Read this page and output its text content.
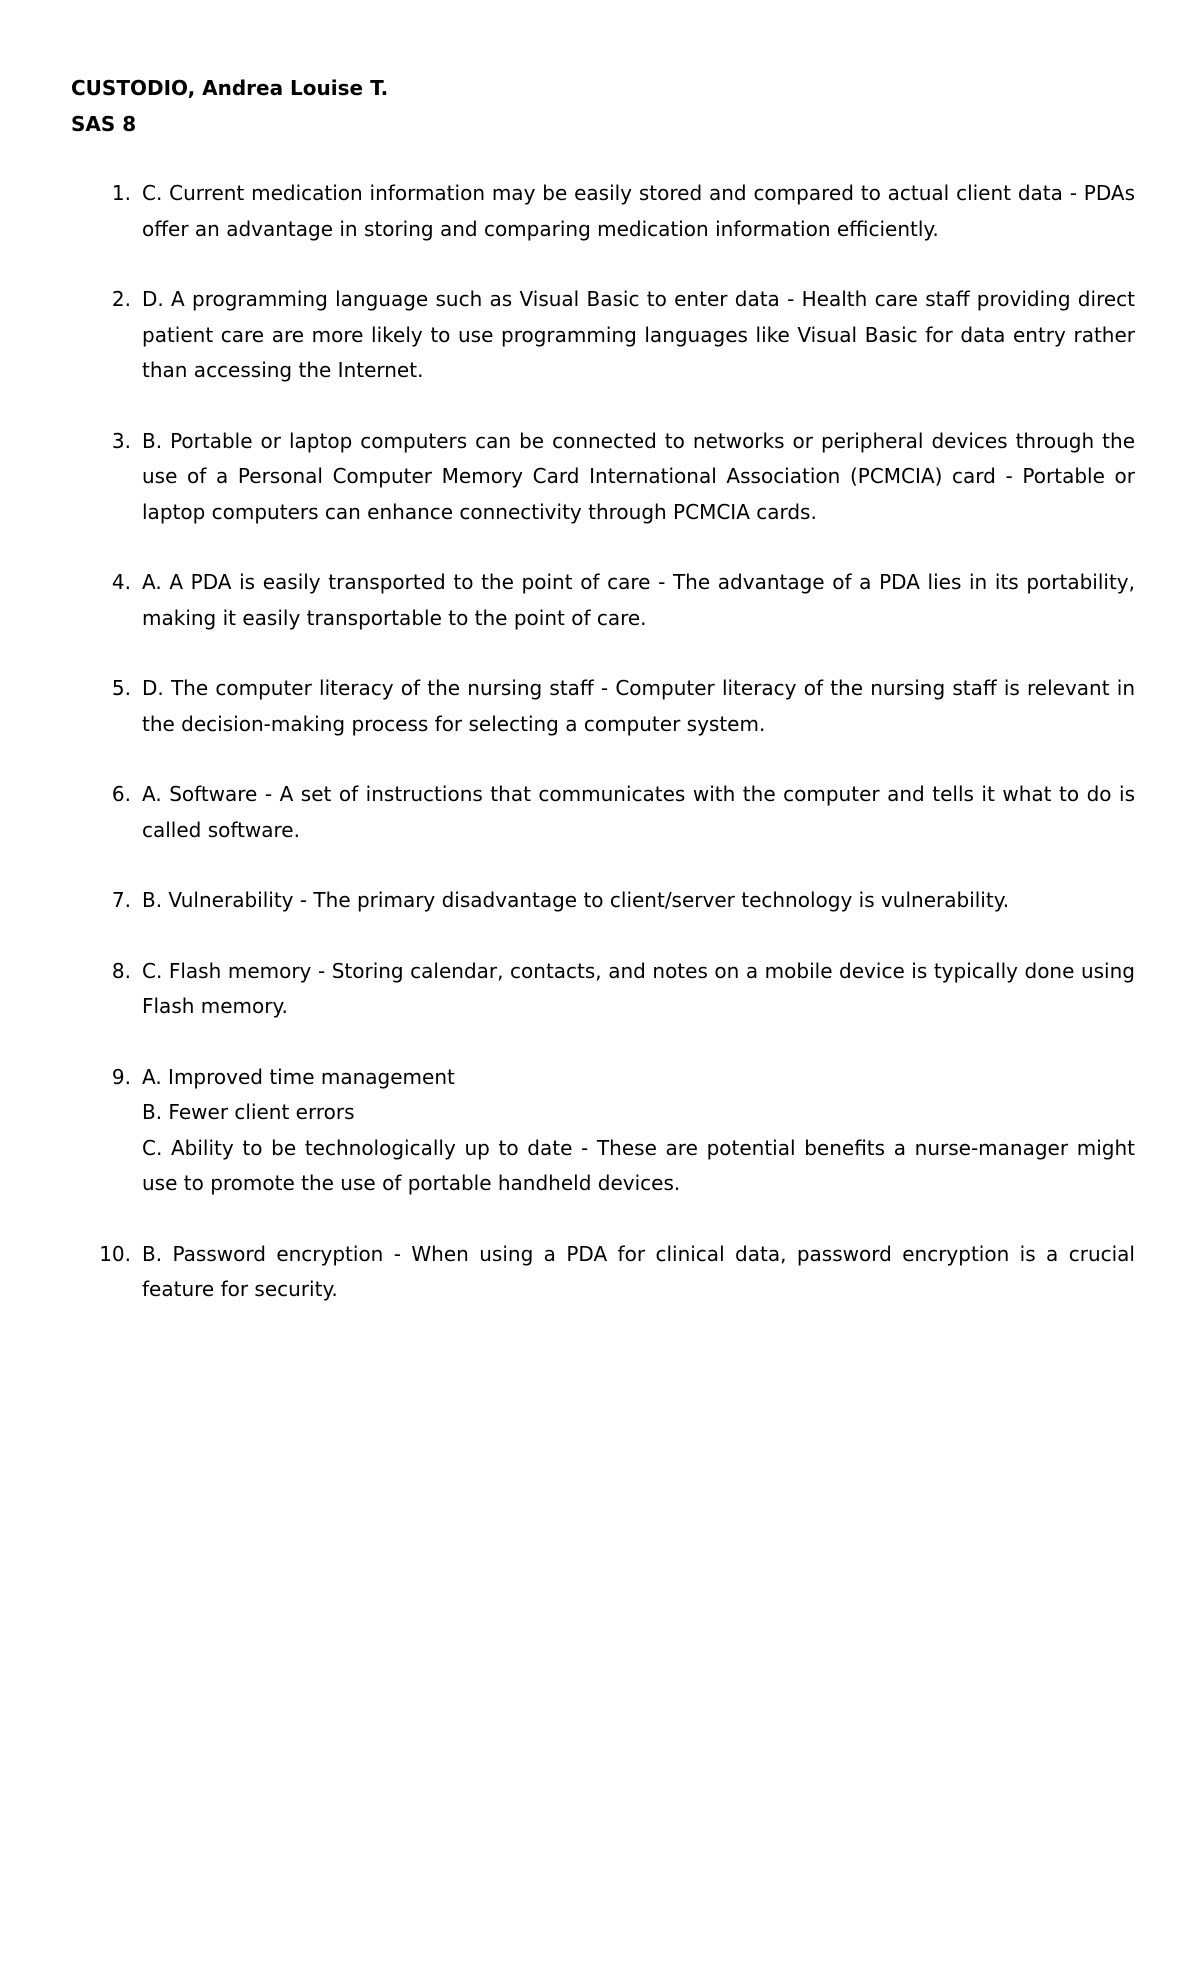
CUSTODIO, Andrea Louise T.
SAS 8
1. C. Current medication information may be easily stored and compared to actual client data - PDAs offer an advantage in storing and comparing medication information efficiently.

2. D. A programming language such as Visual Basic to enter data - Health care staff providing direct patient care are more likely to use programming languages like Visual Basic for data entry rather than accessing the Internet.

3. B. Portable or laptop computers can be connected to networks or peripheral devices through the use of a Personal Computer Memory Card International Association (PCMCIA) card - Portable or laptop computers can enhance connectivity through PCMCIA cards.

4. A. A PDA is easily transported to the point of care - The advantage of a PDA lies in its portability, making it easily transportable to the point of care.

5. D. The computer literacy of the nursing staff - Computer literacy of the nursing staff is relevant in the decision-making process for selecting a computer system.

6. A. Software - A set of instructions that communicates with the computer and tells it what to do is called software.

7. B. Vulnerability - The primary disadvantage to client/server technology is vulnerability.

8. C. Flash memory - Storing calendar, contacts, and notes on a mobile device is typically done using Flash memory.

9. A. Improved time management

B. Fewer client errors

C. Ability to be technologically up to date - These are potential benefits a nurse-manager might use to promote the use of portable handheld devices.

10. B. Password encryption - When using a PDA for clinical data, password encryption is a crucial feature for security.
